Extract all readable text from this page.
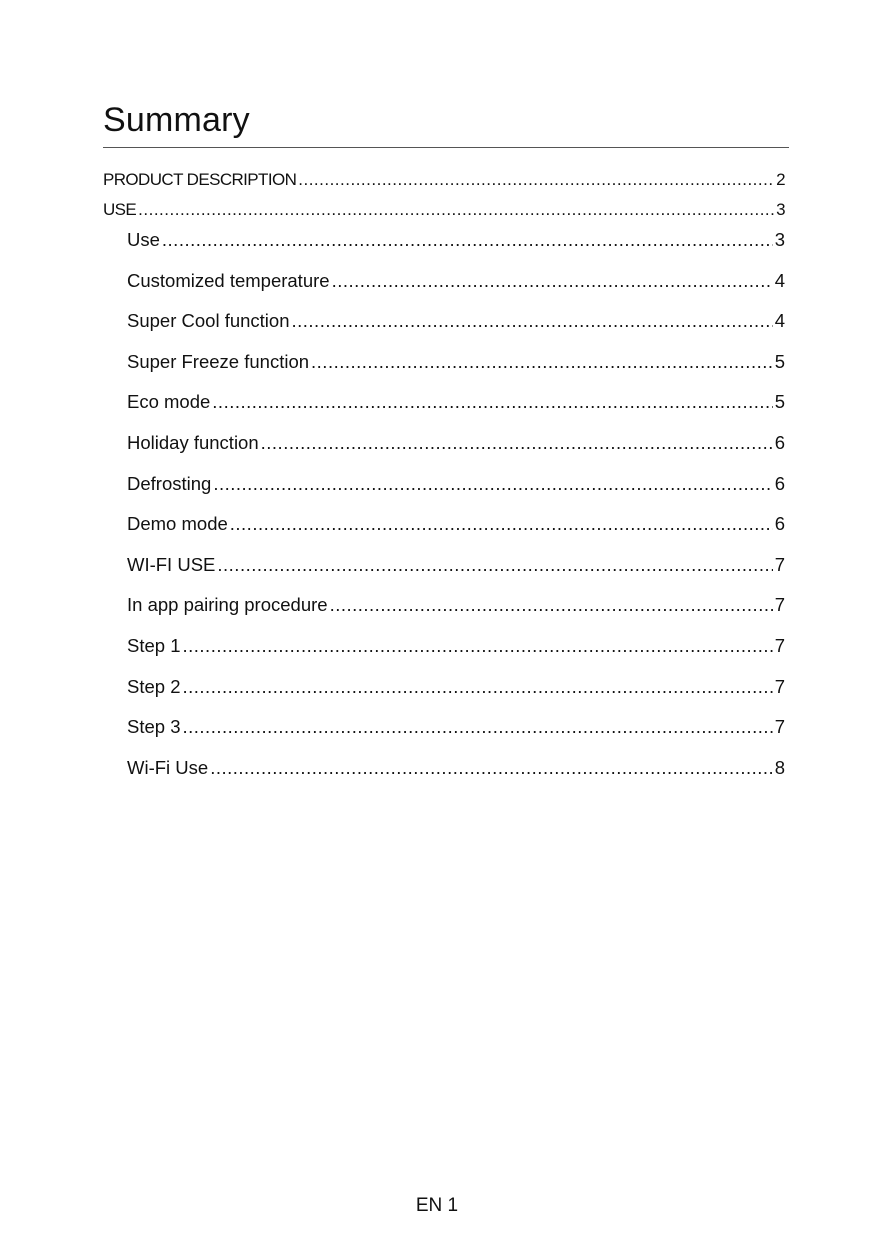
Summary
PRODUCT DESCRIPTION .....	2
USE .....	3
Use .....	3
Customized temperature .....	4
Super Cool function .....	4
Super Freeze function .....	5
Eco mode .....	5
Holiday function .....	6
Defrosting .....	6
Demo mode .....	6
WI-FI USE .....	7
In app pairing procedure .....	7
Step 1 .....	7
Step 2 .....	7
Step 3 .....	7
Wi-Fi Use .....	8
EN 1
